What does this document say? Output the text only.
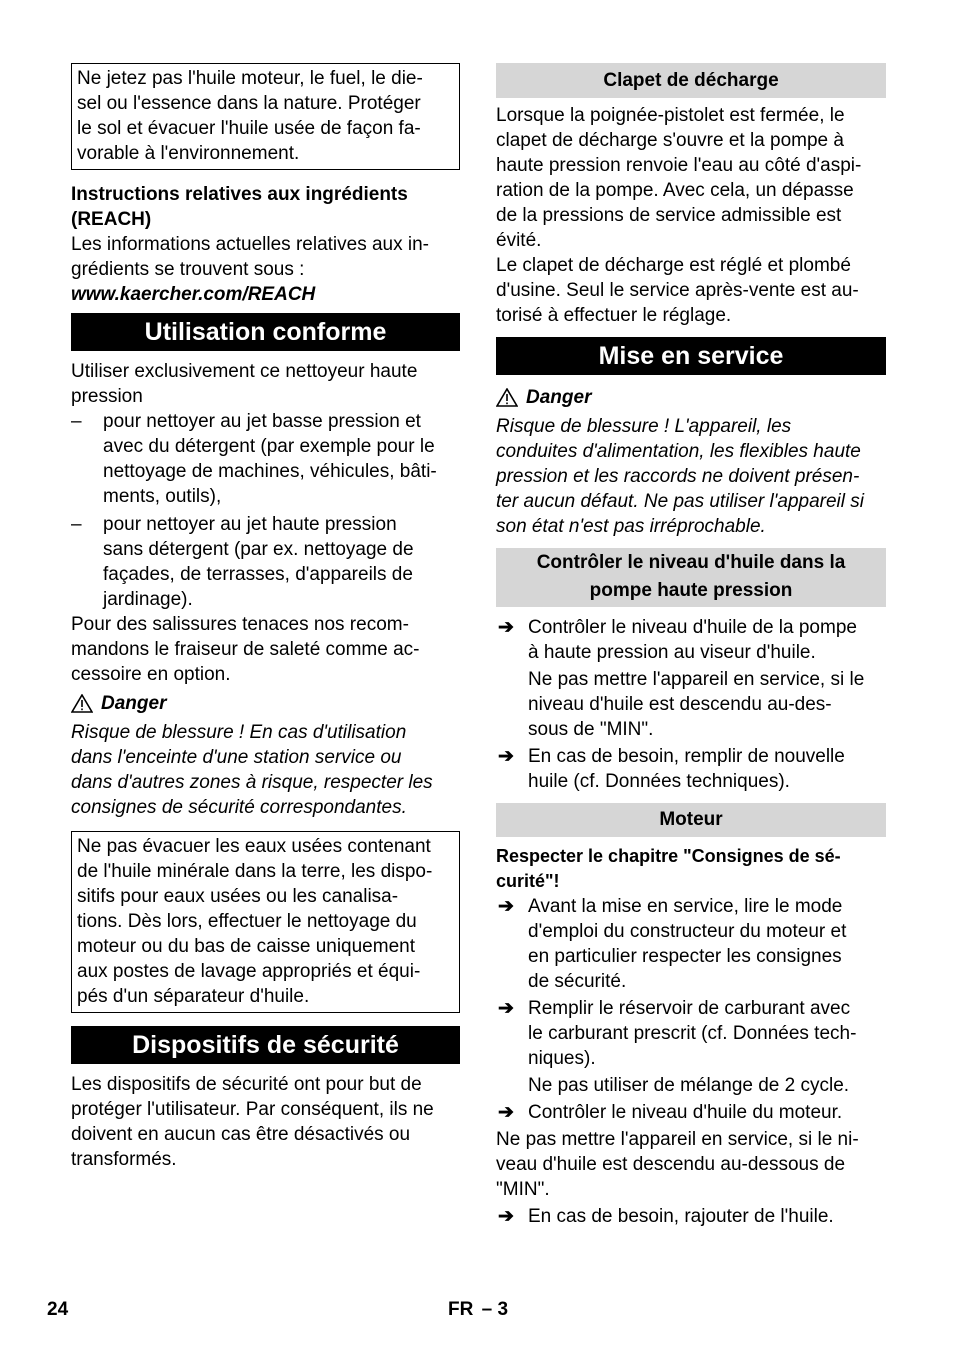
Ne jetez pas l'huile moteur, le fuel, le die-
sel ou l'essence dans la nature. Protéger
le sol et évacuer l'huile usée de façon fa-
vorable à l'environnement.

Instructions relatives aux ingrédients
(REACH)

Les informations actuelles relatives aux in-
grédients se trouvent sous :

www.kaercher.com/REACH

Utilisation conforme

Utiliser exclusivement ce nettoyeur haute
pression

– pour nettoyer au jet basse pression et
avec du détergent (par exemple pour le
nettoyage de machines, véhicules, bâti-
ments, outils),
– pour nettoyer au jet haute pression
sans détergent (par ex. nettoyage de
façades, de terrasses, d'appareils de
jardinage).

Pour des salissures tenaces nos recom-
mandons le fraiseur de saleté comme ac-
cessoire en option.

Danger

Risque de blessure ! En cas d'utilisation
dans l'enceinte d'une station service ou
dans d'autres zones à risque, respecter les
consignes de sécurité correspondantes.

Ne pas évacuer les eaux usées contenant
de l'huile minérale dans la terre, les dispo-
sitifs pour eaux usées ou les canalisa-
tions. Dès lors, effectuer le nettoyage du
moteur ou du bas de caisse uniquement
aux postes de lavage appropriés et équi-
pés d'un séparateur d'huile.

Dispositifs de sécurité

Les dispositifs de sécurité ont pour but de
protéger l'utilisateur. Par conséquent, ils ne
doivent en aucun cas être désactivés ou
transformés.

Clapet de décharge

Lorsque la poignée-pistolet est fermée, le
clapet de décharge s'ouvre et la pompe à
haute pression renvoie l'eau au côté d'aspi-
ration de la pompe. Avec cela, un dépasse
de la pressions de service admissible est
évité.

Le clapet de décharge est réglé et plombé
d'usine. Seul le service après-vente est au-
torisé à effectuer le réglage.

Mise en service
Danger

Risque de blessure ! L'appareil, les
conduites d'alimentation, les flexibles haute
pression et les raccords ne doivent présen-
ter aucun défaut. Ne pas utiliser l'appareil si
son état n'est pas irréprochable.

Contrôler le niveau d'huile dans la
pompe haute pression
➔ Contrôler le niveau d'huile de la pompe
à haute pression au viseur d'huile.
Ne pas mettre l'appareil en service, si le
niveau d'huile est descendu au-des-
sous de "MIN".
➔ En cas de besoin, remplir de nouvelle
huile (cf. Données techniques).
Moteur

Respecter le chapitre "Consignes de sé-
curité"!

➔ Avant la mise en service, lire le mode
d'emploi du constructeur du moteur et
en particulier respecter les consignes
de sécurité.
➔ Remplir le réservoir de carburant avec
le carburant prescrit (cf. Données tech-
niques).
Ne pas utiliser de mélange de 2 cycle.
➔ Contrôler le niveau d'huile du moteur.

Ne pas mettre l'appareil en service, si le ni-
veau d'huile est descendu au-dessous de
"MIN".

➔ En cas de besoin, rajouter de l'huile.
24	FR – 3
